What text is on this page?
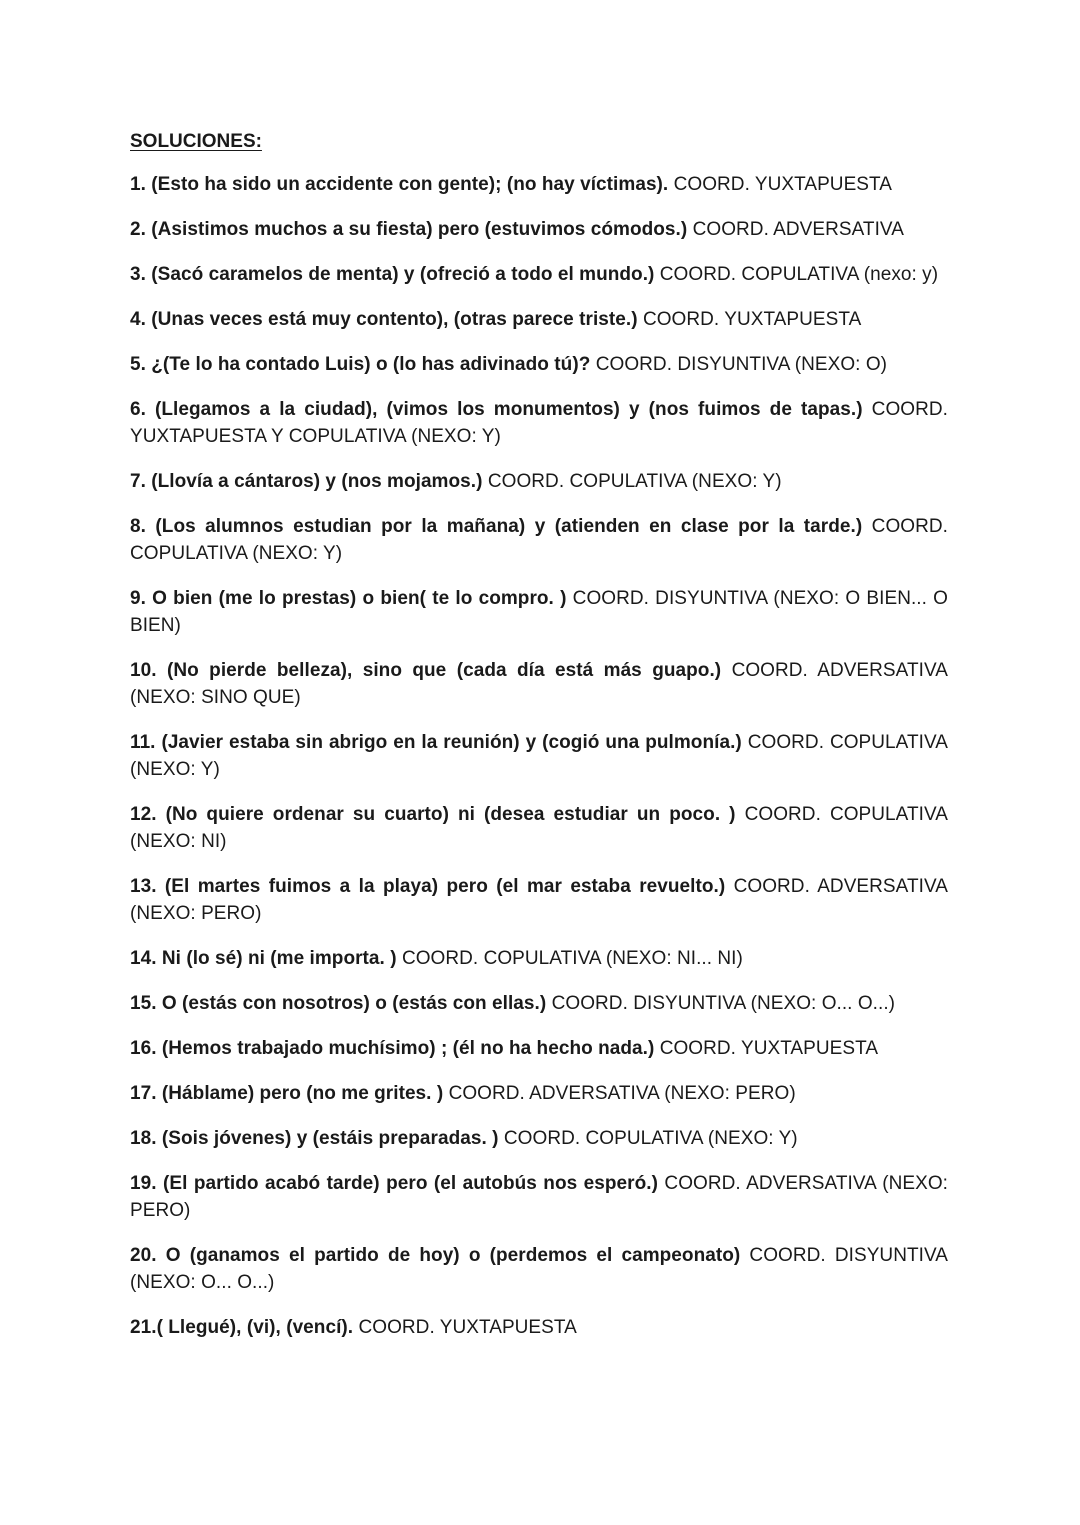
SOLUCIONES:

1. (Esto ha sido un accidente con gente); (no hay víctimas). COORD. YUXTAPUESTA

2. (Asistimos muchos a su fiesta) pero (estuvimos cómodos.) COORD. ADVERSATIVA

3. (Sacó caramelos de menta) y (ofreció a todo el mundo.) COORD. COPULATIVA (nexo: y)

4. (Unas veces está muy contento), (otras parece triste.) COORD. YUXTAPUESTA

5. ¿(Te lo ha contado Luis) o (lo has adivinado tú)? COORD. DISYUNTIVA (NEXO: O)

6. (Llegamos a la ciudad), (vimos los monumentos) y (nos fuimos de tapas.) COORD. YUXTAPUESTA Y COPULATIVA (NEXO: Y)

7. (Llovía a cántaros) y (nos mojamos.) COORD. COPULATIVA (NEXO: Y)

8. (Los alumnos estudian por la mañana) y (atienden en clase por la tarde.) COORD. COPULATIVA (NEXO: Y)

9. O bien (me lo prestas) o bien( te lo compro. ) COORD. DISYUNTIVA (NEXO: O BIEN... O BIEN)

10. (No pierde belleza), sino que (cada día está más guapo.) COORD. ADVERSATIVA (NEXO: SINO QUE)

11. (Javier estaba sin abrigo en la reunión) y (cogió una pulmonía.) COORD. COPULATIVA (NEXO: Y)

12. (No quiere ordenar su cuarto) ni (desea estudiar un poco. ) COORD. COPULATIVA (NEXO: NI)

13. (El martes fuimos a la playa) pero (el mar estaba revuelto.) COORD. ADVERSATIVA (NEXO: PERO)

14. Ni (lo sé) ni (me importa. ) COORD. COPULATIVA (NEXO: NI... NI)

15. O (estás con nosotros) o (estás con ellas.) COORD. DISYUNTIVA (NEXO: O... O...)

16. (Hemos trabajado muchísimo) ; (él no ha hecho nada.) COORD. YUXTAPUESTA

17. (Háblame) pero (no me grites. ) COORD. ADVERSATIVA (NEXO: PERO)

18. (Sois jóvenes) y (estáis preparadas. ) COORD. COPULATIVA (NEXO: Y)

19. (El partido acabó tarde) pero (el autobús nos esperó.) COORD. ADVERSATIVA (NEXO: PERO)

20. O (ganamos el partido de hoy) o (perdemos el campeonato) COORD. DISYUNTIVA (NEXO: O... O...)

21.( Llegué), (vi), (vencí). COORD. YUXTAPUESTA
